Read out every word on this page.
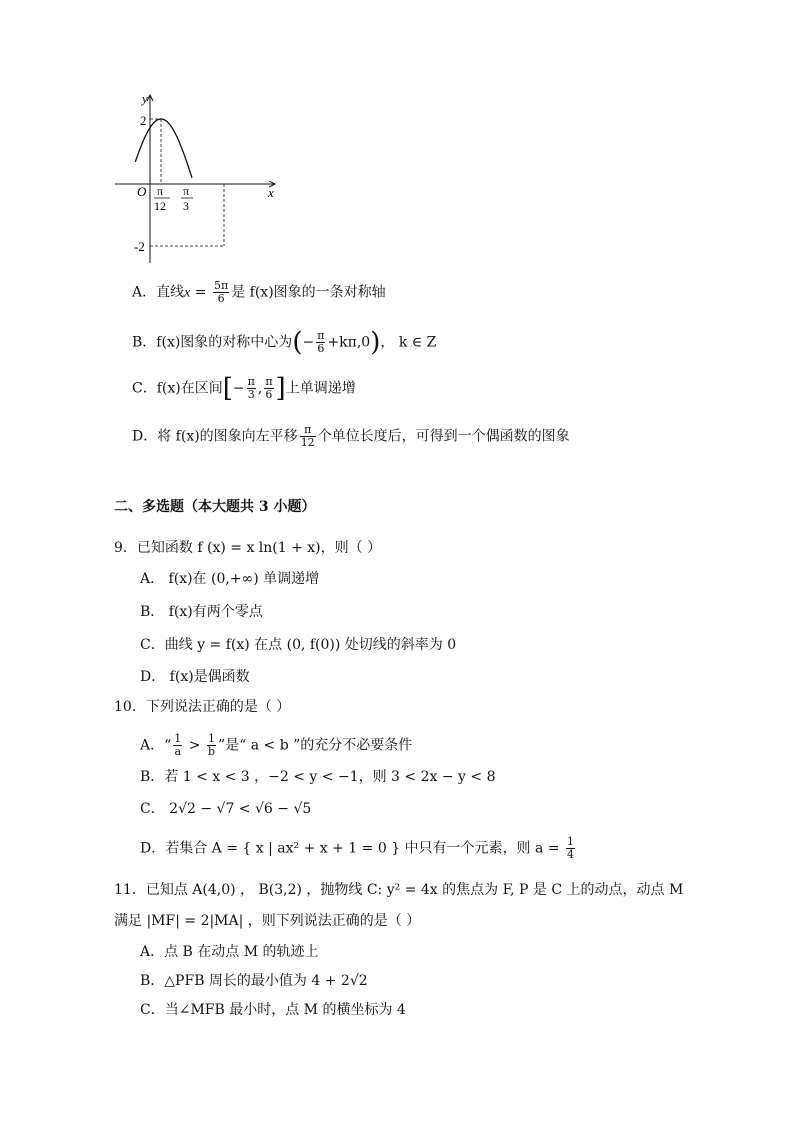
y
x
O
2
-2
π
12
π
3
A．直线$x = \frac{5\pi}{6}$ 是 f(x)图象的一条对称轴
B．f(x)图象的对称中心为(− $\frac{\pi}{6} +k\pi,0$)， k ∈ Z
C．f(x)在区间[− $\frac{\pi}{3}$ , $\frac{\pi}{6}$ ]上单调递增
D．将 f(x)的图象向左平移 $\frac{\pi}{12}$ 个单位长度后，可得到一个偶函数的图象
二、多选题（本大题共 3 小题）
9．已知函数 f (x) = x ln(1 + x)，则（ ）
A． f(x)在 (0,+∞) 单调递增
B． f(x)有两个零点
C．曲线 y = f(x) 在点 (0, f(0)) 处切线的斜率为 0
D． f(x)是偶函数
10．下列说法正确的是（ ）
A．“ $\frac{1}{a} > \frac{1}{b}$ ”是“ a < b ”的充分不必要条件
B．若 1 < x < 3 ，−2 < y < −1，则 3 < 2x − y < 8
C． 2√2 − √7 < √6 − √5
D．若集合 A = { x | ax² + x + 1 = 0 } 中只有一个元素，则 $a = \frac{1}{4}$
11．已知点 A(4,0) ， B(3,2) ，抛物线 C: y² = 4x 的焦点为 F, P 是 C 上的动点，动点 M
满足 |MF| = 2|MA| ，则下列说法正确的是（ ）
A．点 B 在动点 M 的轨迹上
B．△PFB 周长的最小值为 4 + 2√2
C．当∠MFB 最小时，点 M 的横坐标为 4
